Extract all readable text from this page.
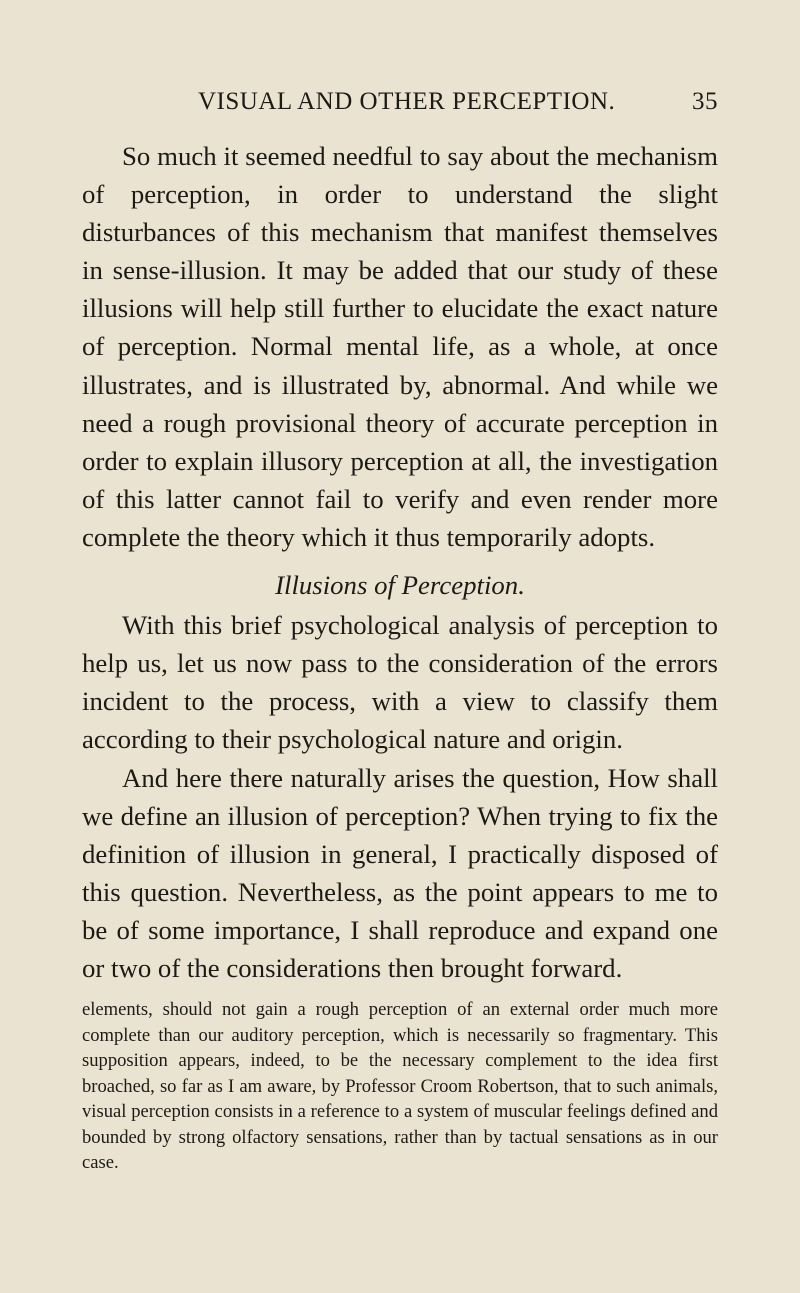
VISUAL AND OTHER PERCEPTION.	35

So much it seemed needful to say about the mechanism of perception, in order to understand the slight disturbances of this mechanism that manifest themselves in sense-illusion. It may be added that our study of these illusions will help still further to elucidate the exact nature of perception. Normal mental life, as a whole, at once illustrates, and is illustrated by, abnormal. And while we need a rough provisional theory of accurate perception in order to explain illusory perception at all, the investigation of this latter cannot fail to verify and even render more complete the theory which it thus temporarily adopts.

Illusions of Perception.

With this brief psychological analysis of perception to help us, let us now pass to the consideration of the errors incident to the process, with a view to classify them according to their psychological nature and origin.

And here there naturally arises the question, How shall we define an illusion of perception? When trying to fix the definition of illusion in general, I practically disposed of this question. Nevertheless, as the point appears to me to be of some importance, I shall reproduce and expand one or two of the considerations then brought forward.

elements, should not gain a rough perception of an external order much more complete than our auditory perception, which is necessarily so fragmentary. This supposition appears, indeed, to be the necessary complement to the idea first broached, so far as I am aware, by Professor Croom Robertson, that to such animals, visual perception consists in a reference to a system of muscular feelings defined and bounded by strong olfactory sensations, rather than by tactual sensations as in our case.
